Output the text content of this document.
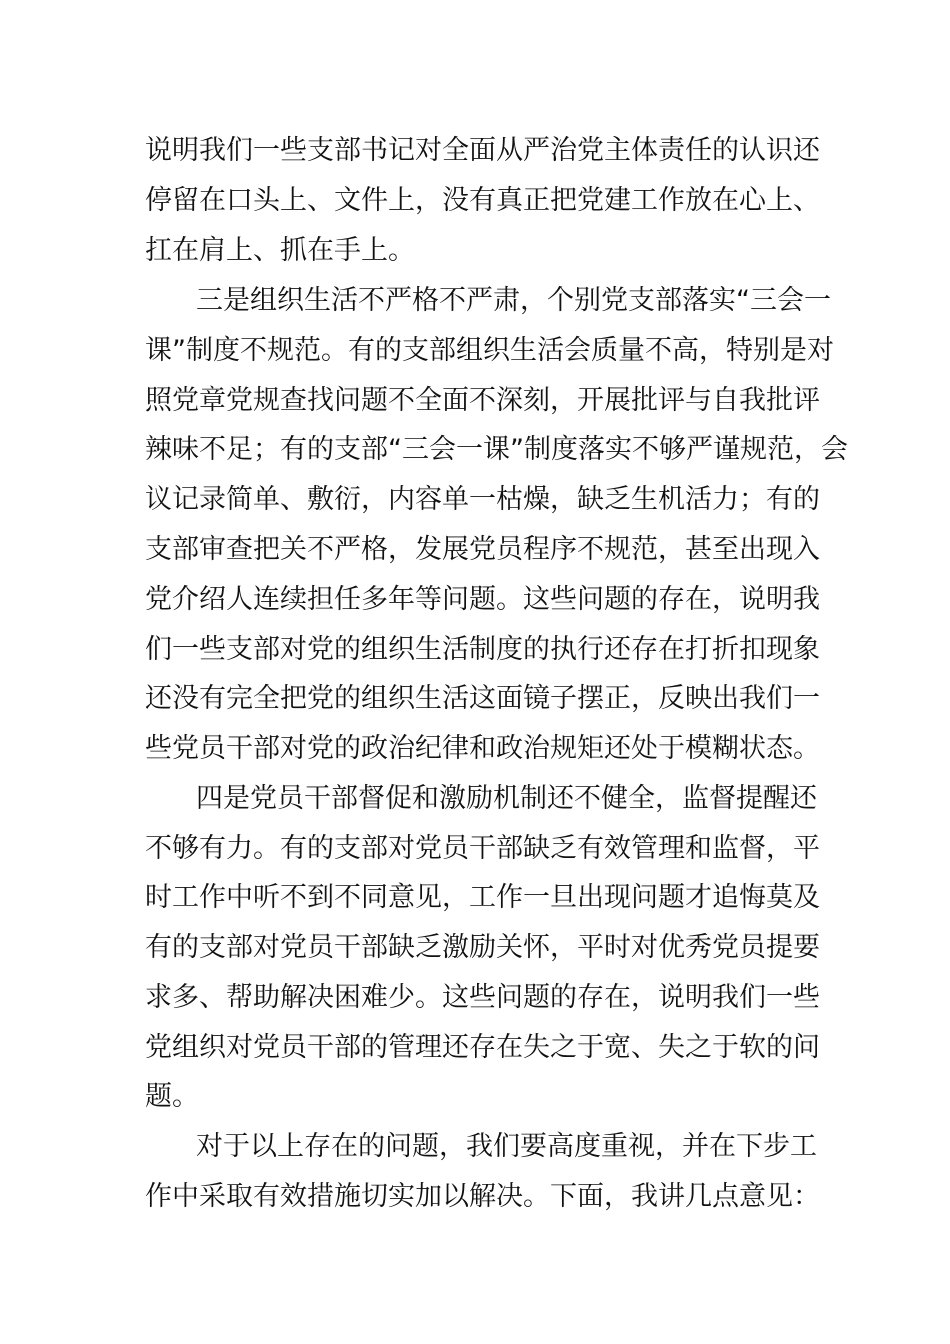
说明我们一些支部书记对全面从严治党主体责任的认识还
停留在口头上、文件上，没有真正把党建工作放在心上、
扛在肩上、抓在手上。
三是组织生活不严格不严肃，个别党支部落实“三会一
课”制度不规范。有的支部组织生活会质量不高，特别是对
照党章党规查找问题不全面不深刻，开展批评与自我批评
辣味不足；有的支部“三会一课”制度落实不够严谨规范，会
议记录简单、敷衍，内容单一枯燥，缺乏生机活力；有的
支部审查把关不严格，发展党员程序不规范，甚至出现入
党介绍人连续担任多年等问题。这些问题的存在，说明我
们一些支部对党的组织生活制度的执行还存在打折扣现象
还没有完全把党的组织生活这面镜子摆正，反映出我们一
些党员干部对党的政治纪律和政治规矩还处于模糊状态。
四是党员干部督促和激励机制还不健全，监督提醒还
不够有力。有的支部对党员干部缺乏有效管理和监督，平
时工作中听不到不同意见，工作一旦出现问题才追悔莫及
有的支部对党员干部缺乏激励关怀，平时对优秀党员提要
求多、帮助解决困难少。这些问题的存在，说明我们一些
党组织对党员干部的管理还存在失之于宽、失之于软的问
题。
对于以上存在的问题，我们要高度重视，并在下步工
作中采取有效措施切实加以解决。下面，我讲几点意见：
